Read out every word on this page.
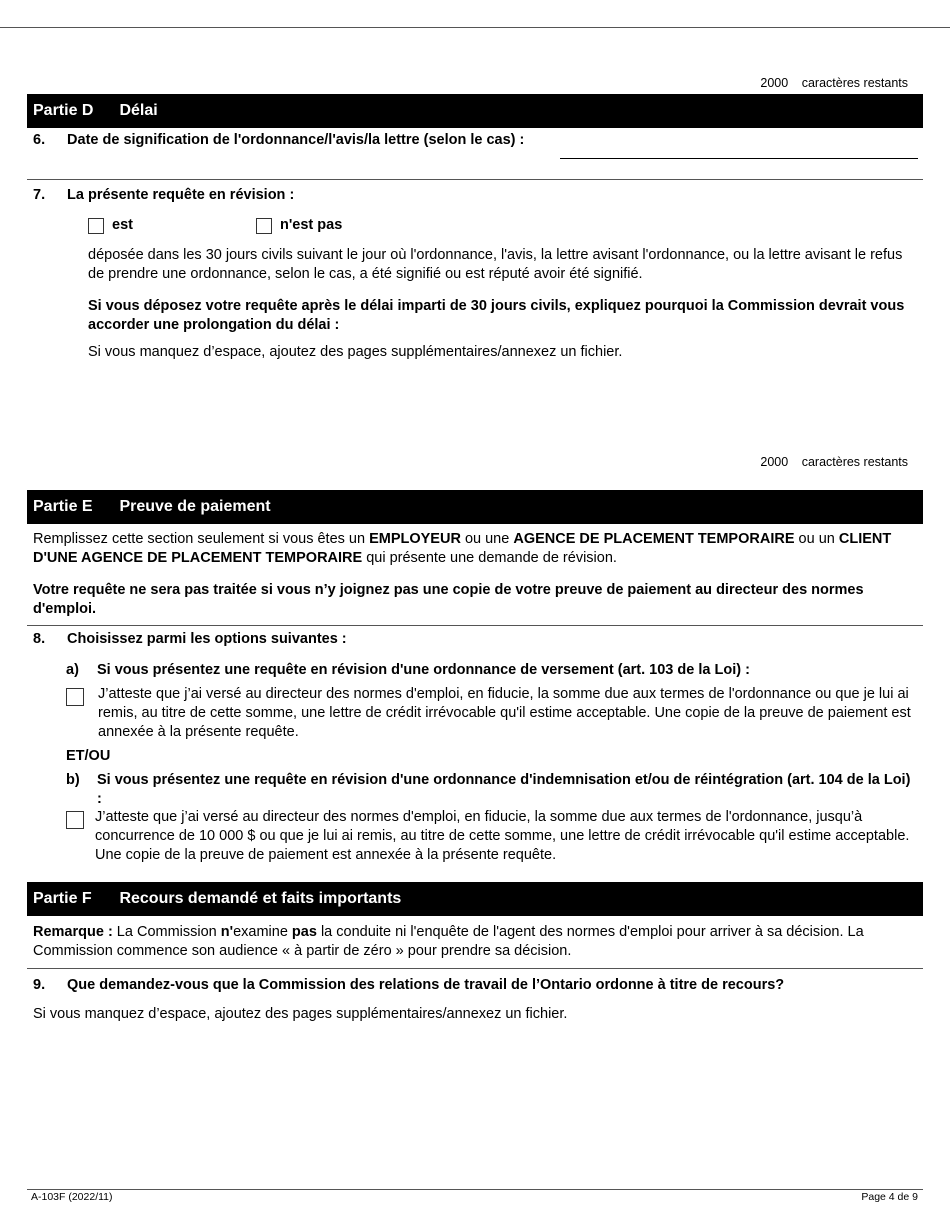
2000 caractères restants
Partie D Délai
6. Date de signification de l'ordonnance/l'avis/la lettre (selon le cas) :
7. La présente requête en révision :
est	n'est pas
déposée dans les 30 jours civils suivant le jour où l'ordonnance, l'avis, la lettre avisant l'ordonnance, ou la lettre avisant le refus de prendre une ordonnance, selon le cas, a été signifié ou est réputé avoir été signifié.
Si vous déposez votre requête après le délai imparti de 30 jours civils, expliquez pourquoi la Commission devrait vous accorder une prolongation du délai :
Si vous manquez d’espace, ajoutez des pages supplémentaires/annexez un fichier.
2000 caractères restants
Partie E Preuve de paiement
Remplissez cette section seulement si vous êtes un EMPLOYEUR ou une AGENCE DE PLACEMENT TEMPORAIRE ou un CLIENT D'UNE AGENCE DE PLACEMENT TEMPORAIRE qui présente une demande de révision.
Votre requête ne sera pas traitée si vous n’y joignez pas une copie de votre preuve de paiement au directeur des normes d'emploi.
8. Choisissez parmi les options suivantes :
a) Si vous présentez une requête en révision d'une ordonnance de versement (art. 103 de la Loi) :
J’atteste que j’ai versé au directeur des normes d'emploi, en fiducie, la somme due aux termes de l'ordonnance ou que je lui ai remis, au titre de cette somme, une lettre de crédit irrévocable qu'il estime acceptable. Une copie de la preuve de paiement est annexée à la présente requête.
ET/OU
b) Si vous présentez une requête en révision d'une ordonnance d'indemnisation et/ou de réintégration (art. 104 de la Loi) :
J’atteste que j’ai versé au directeur des normes d'emploi, en fiducie, la somme due aux termes de l'ordonnance, jusqu’à concurrence de 10 000 $ ou que je lui ai remis, au titre de cette somme, une lettre de crédit irrévocable qu'il estime acceptable. Une copie de la preuve de paiement est annexée à la présente requête.
Partie F Recours demandé et faits importants
Remarque : La Commission n'examine pas la conduite ni l'enquête de l'agent des normes d'emploi pour arriver à sa décision. La Commission commence son audience « à partir de zéro » pour prendre sa décision.
9. Que demandez-vous que la Commission des relations de travail de l’Ontario ordonne à titre de recours?
Si vous manquez d’espace, ajoutez des pages supplémentaires/annexez un fichier.
A-103F (2022/11)	Page 4 de 9
